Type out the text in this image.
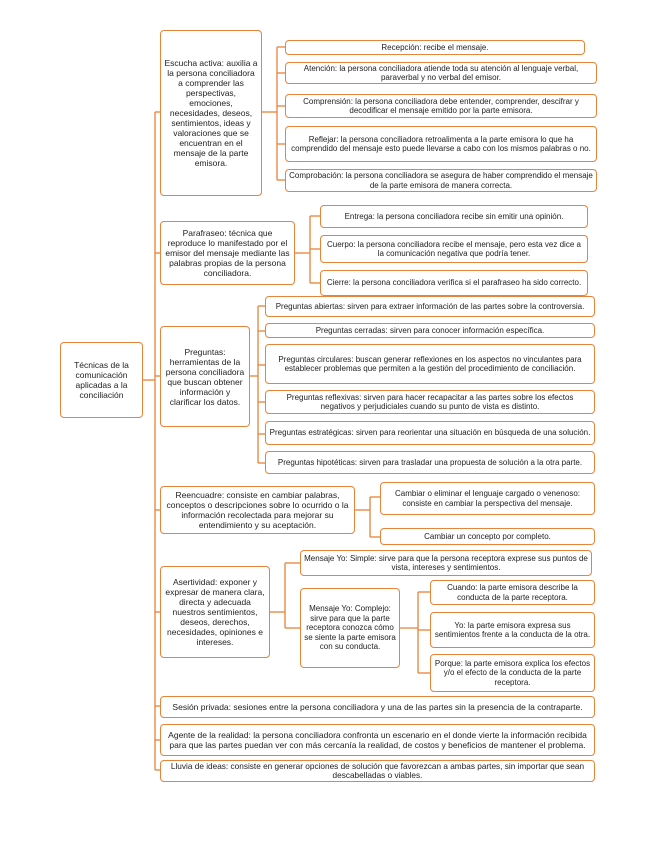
Técnicas de la comunicación aplicadas a la conciliación
Escucha activa: auxilia a la persona conciliadora a comprender las perspectivas, emociones, necesidades, deseos, sentimientos, ideas y valoraciones que se encuentran en el mensaje de la parte emisora.
Recepción: recibe el mensaje.
Atención: la persona conciliadora atiende toda su atención al lenguaje verbal, paraverbal y no verbal del emisor.
Comprensión: la persona conciliadora debe entender, comprender, descifrar y decodificar el mensaje emitido por la parte emisora.
Reflejar: la persona conciliadora retroalimenta a la parte emisora lo que ha comprendido del mensaje esto puede llevarse a cabo con los mismos palabras o no.
Comprobación: la persona conciliadora se asegura de haber comprendido el mensaje de la parte emisora de manera correcta.
Parafraseo: técnica que reproduce lo manifestado por el emisor del mensaje mediante las palabras propias de la persona conciliadora.
Entrega: la persona conciliadora recibe sin emitir una opinión.
Cuerpo: la persona conciliadora recibe el mensaje, pero esta vez dice a la comunicación negativa que podría tener.
Cierre: la persona conciliadora verifica si el parafraseo ha sido correcto.
Preguntas: herramientas de la persona conciliadora que buscan obtener información y clarificar los datos.
Preguntas abiertas: sirven para extraer información de las partes sobre la controversia.
Preguntas cerradas: sirven para conocer información específica.
Preguntas circulares: buscan generar reflexiones en los aspectos no vinculantes para establecer problemas que permiten a la gestión del procedimiento de conciliación.
Preguntas reflexivas: sirven para hacer recapacitar a las partes sobre los efectos negativos y perjudiciales cuando su punto de vista es distinto.
Preguntas estratégicas: sirven para reorientar una situación en búsqueda de una solución.
Preguntas hipotéticas: sirven para trasladar una propuesta de solución a la otra parte.
Reencuadre: consiste en cambiar palabras, conceptos o descripciones sobre lo ocurrido o la información recolectada para mejorar su entendimiento y su aceptación.
Cambiar o eliminar el lenguaje cargado o venenoso: consiste en cambiar la perspectiva del mensaje.
Cambiar un concepto por completo.
Asertividad: exponer y expresar de manera clara, directa y adecuada nuestros sentimientos, deseos, derechos, necesidades, opiniones e intereses.
Mensaje Yo: Simple: sirve para que la persona receptora exprese sus puntos de vista, intereses y sentimientos.
Mensaje Yo: Complejo: sirve para que la parte receptora conozca cómo se siente la parte emisora con su conducta.
Cuando: la parte emisora describe la conducta de la parte receptora.
Yo: la parte emisora expresa sus sentimientos frente a la conducta de la otra.
Porque: la parte emisora explica los efectos y/o el efecto de la conducta de la parte receptora.
Sesión privada: sesiones entre la persona conciliadora y una de las partes sin la presencia de la contraparte.
Agente de la realidad: la persona conciliadora confronta un escenario en el donde vierte la información recibida para que las partes puedan ver con más cercanía la realidad, de costos y beneficios de mantener el problema.
Lluvia de ideas: consiste en generar opciones de solución que favorezcan a ambas partes, sin importar que sean descabelladas o viables.
